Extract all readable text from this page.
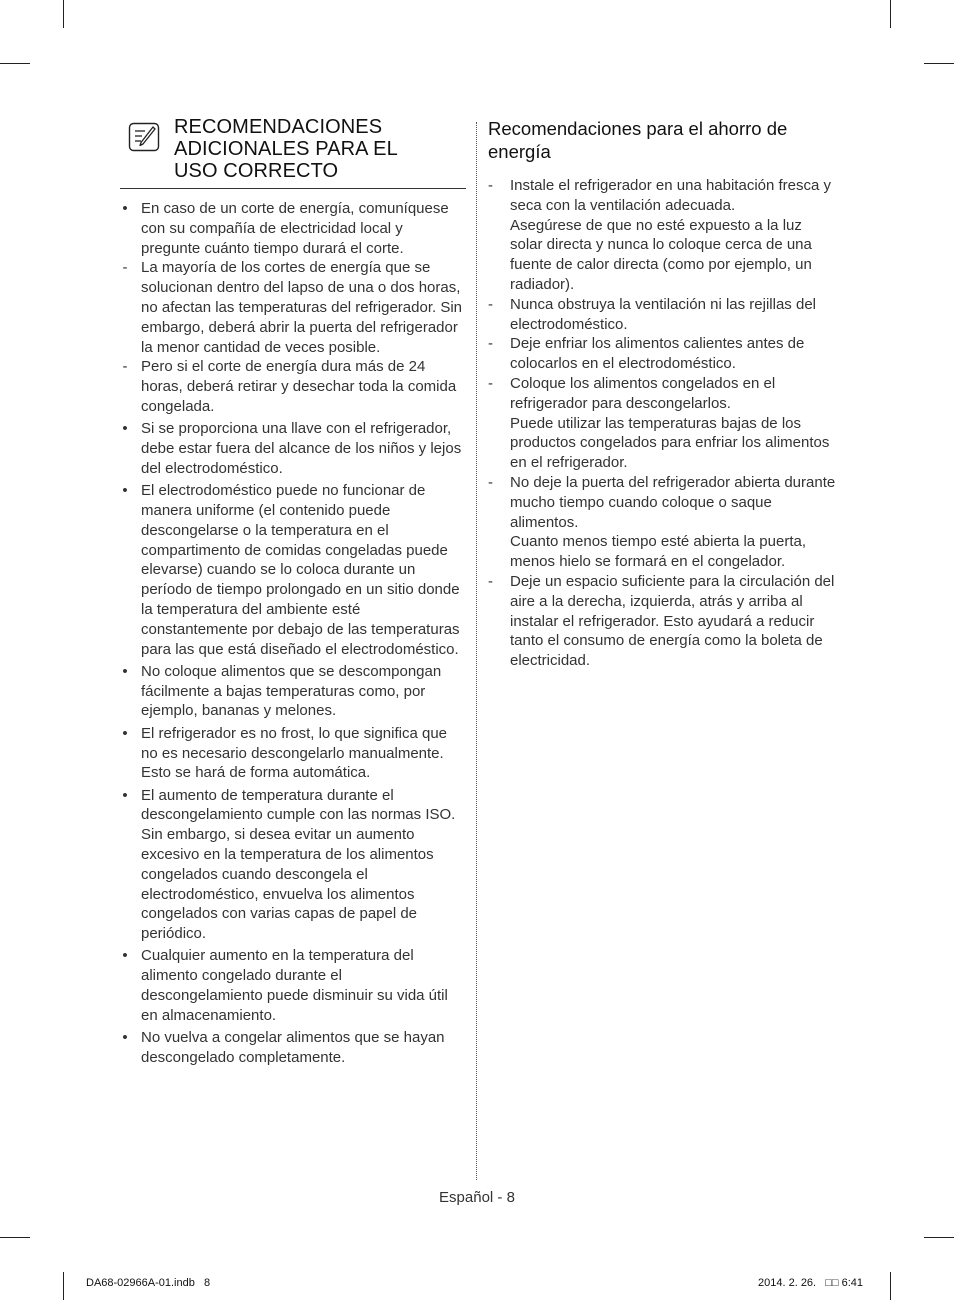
RECOMENDACIONES
ADICIONALES PARA EL
USO CORRECTO
• En caso de un corte de energía, comuníquese con su compañía de electricidad local y pregunte cuánto tiempo durará el corte.
- La mayoría de los cortes de energía que se solucionan dentro del lapso de una o dos horas, no afectan las temperaturas del refrigerador. Sin embargo, deberá abrir la puerta del refrigerador la menor cantidad de veces posible.
- Pero si el corte de energía dura más de 24 horas, deberá retirar y desechar toda la comida congelada.
• Si se proporciona una llave con el refrigerador, debe estar fuera del alcance de los niños y lejos del electrodoméstico.
• El electrodoméstico puede no funcionar de manera uniforme (el contenido puede descongelarse o la temperatura en el compartimento de comidas congeladas puede elevarse) cuando se lo coloca durante un período de tiempo prolongado en un sitio donde la temperatura del ambiente esté constantemente por debajo de las temperaturas para las que está diseñado el electrodoméstico.
• No coloque alimentos que se descompongan fácilmente a bajas temperaturas como, por ejemplo, bananas y melones.
• El refrigerador es no frost, lo que significa que no es necesario descongelarlo manualmente. Esto se hará de forma automática.
• El aumento de temperatura durante el descongelamiento cumple con las normas ISO. Sin embargo, si desea evitar un aumento excesivo en la temperatura de los alimentos congelados cuando descongela el electrodoméstico, envuelva los alimentos congelados con varias capas de papel de periódico.
• Cualquier aumento en la temperatura del alimento congelado durante el descongelamiento puede disminuir su vida útil en almacenamiento.
• No vuelva a congelar alimentos que se hayan descongelado completamente.
Recomendaciones para el ahorro de energía
- Instale el refrigerador en una habitación fresca y seca con la ventilación adecuada.
Asegúrese de que no esté expuesto a la luz solar directa y nunca lo coloque cerca de una fuente de calor directa (como por ejemplo, un radiador).
- Nunca obstruya la ventilación ni las rejillas del electrodoméstico.
- Deje enfriar los alimentos calientes antes de colocarlos en el electrodoméstico.
- Coloque los alimentos congelados en el refrigerador para descongelarlos.
Puede utilizar las temperaturas bajas de los productos congelados para enfriar los alimentos en el refrigerador.
- No deje la puerta del refrigerador abierta durante mucho tiempo cuando coloque o saque alimentos.
Cuanto menos tiempo esté abierta la puerta, menos hielo se formará en el congelador.
- Deje un espacio suficiente para la circulación del aire a la derecha, izquierda, atrás y arriba al instalar el refrigerador. Esto ayudará a reducir tanto el consumo de energía como la boleta de electricidad.
Español - 8
DA68-02966A-01.indb   8	2014. 2. 26.   □□ 6:41
